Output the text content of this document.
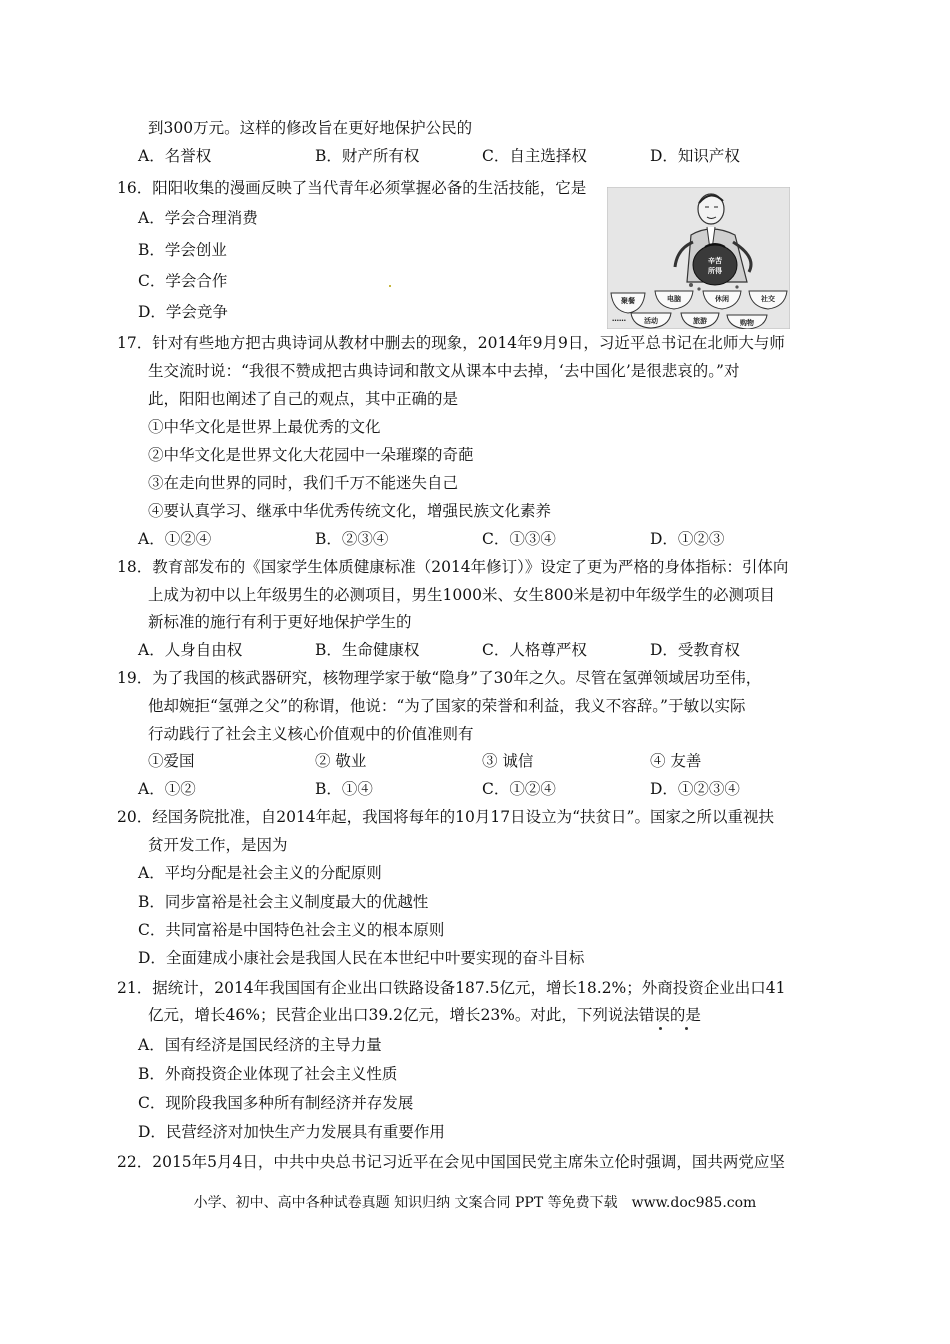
到300万元。这样的修改旨在更好地保护公民的
A．名誉权	B．财产所有权	C．自主选择权	D．知识产权
16．阳阳收集的漫画反映了当代青年必须掌握必备的生活技能，它是
A．学会合理消费
B．学会创业
C．学会合作
D．学会竞争
辛苦
所得
聚餐	电脑	休闲	社交
活动	旅游	购物
……
17．针对有些地方把古典诗词从教材中删去的现象，2014年9月9日，习近平总书记在北师大与师
生交流时说：“我很不赞成把古典诗词和散文从课本中去掉，‘去中国化’是很悲哀的。”对
此，阳阳也阐述了自己的观点，其中正确的是
①中华文化是世界上最优秀的文化
②中华文化是世界文化大花园中一朵璀璨的奇葩
③在走向世界的同时，我们千万不能迷失自己
④要认真学习、继承中华优秀传统文化，增强民族文化素养
A．①②④	B．②③④	C．①③④	D．①②③
18．教育部发布的《国家学生体质健康标准（2014年修订）》设定了更为严格的身体指标：引体向
上成为初中以上年级男生的必测项目，男生1000米、女生800米是初中年级学生的必测项目
新标准的施行有利于更好地保护学生的
A．人身自由权	B．生命健康权	C．人格尊严权	D．受教育权
19．为了我国的核武器研究，核物理学家于敏“隐身”了30年之久。尽管在氢弹领域居功至伟，
他却婉拒“氢弹之父”的称谓，他说：“为了国家的荣誉和利益，我义不容辞。”于敏以实际
行动践行了社会主义核心价值观中的价值准则有
①爱国	② 敬业	③ 诚信	④ 友善
A．①②	B．①④	C．①②④	D．①②③④
20．经国务院批准，自2014年起，我国将每年的10月17日设立为“扶贫日”。国家之所以重视扶
贫开发工作，是因为
A．平均分配是社会主义的分配原则
B．同步富裕是社会主义制度最大的优越性
C．共同富裕是中国特色社会主义的根本原则
D．全面建成小康社会是我国人民在本世纪中叶要实现的奋斗目标
21．据统计，2014年我国国有企业出口铁路设备187.5亿元，增长18.2%；外商投资企业出口41
亿元，增长46%；民营企业出口39.2亿元，增长23%。对此，下列说法错误的是
A．国有经济是国民经济的主导力量
B．外商投资企业体现了社会主义性质
C．现阶段我国多种所有制经济并存发展
D．民营经济对加快生产力发展具有重要作用
22．2015年5月4日，中共中央总书记习近平在会见中国国民党主席朱立伦时强调，国共两党应坚
小学、初中、高中各种试卷真题 知识归纳 文案合同 PPT 等免费下载　www.doc985.com
